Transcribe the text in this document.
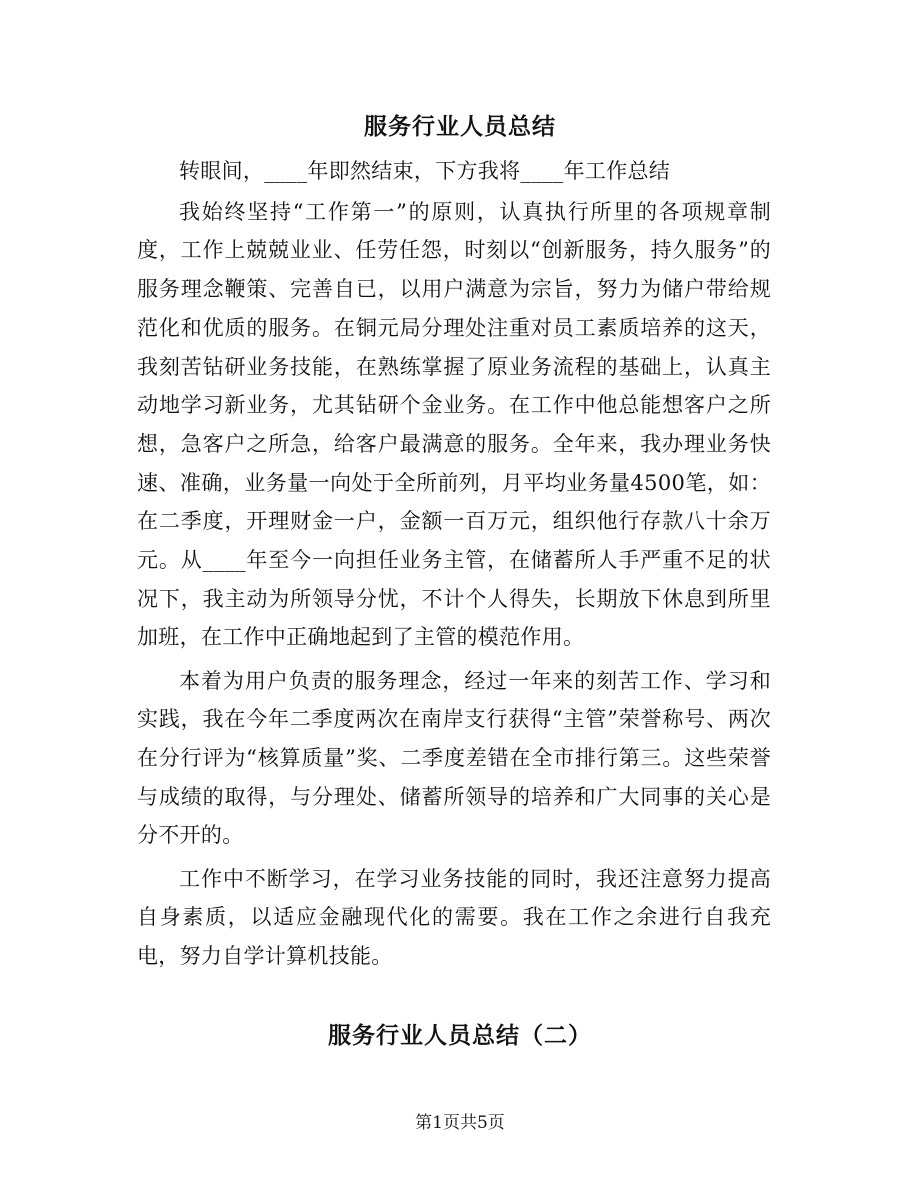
服务行业人员总结

转眼间，____年即然结束，下方我将____年工作总结

我始终坚持“工作第一”的原则，认真执行所里的各项规章制度，工作上兢兢业业、任劳任怨，时刻以“创新服务，持久服务”的服务理念鞭策、完善自已，以用户满意为宗旨，努力为储户带给规范化和优质的服务。在铜元局分理处注重对员工素质培养的这天，我刻苦钻研业务技能，在熟练掌握了原业务流程的基础上，认真主动地学习新业务，尤其钻研个金业务。在工作中他总能想客户之所想，急客户之所急，给客户最满意的服务。全年来，我办理业务快速、准确，业务量一向处于全所前列，月平均业务量4500笔，如：在二季度，开理财金一户，金额一百万元，组织他行存款八十余万元。从____年至今一向担任业务主管，在储蓄所人手严重不足的状况下，我主动为所领导分忧，不计个人得失，长期放下休息到所里加班，在工作中正确地起到了主管的模范作用。

本着为用户负责的服务理念，经过一年来的刻苦工作、学习和实践，我在今年二季度两次在南岸支行获得“主管”荣誉称号、两次在分行评为“核算质量”奖、二季度差错在全市排行第三。这些荣誉与成绩的取得，与分理处、储蓄所领导的培养和广大同事的关心是分不开的。

工作中不断学习，在学习业务技能的同时，我还注意努力提高自身素质，以适应金融现代化的需要。我在工作之余进行自我充电，努力自学计算机技能。

服务行业人员总结（二）
第1页共5页
